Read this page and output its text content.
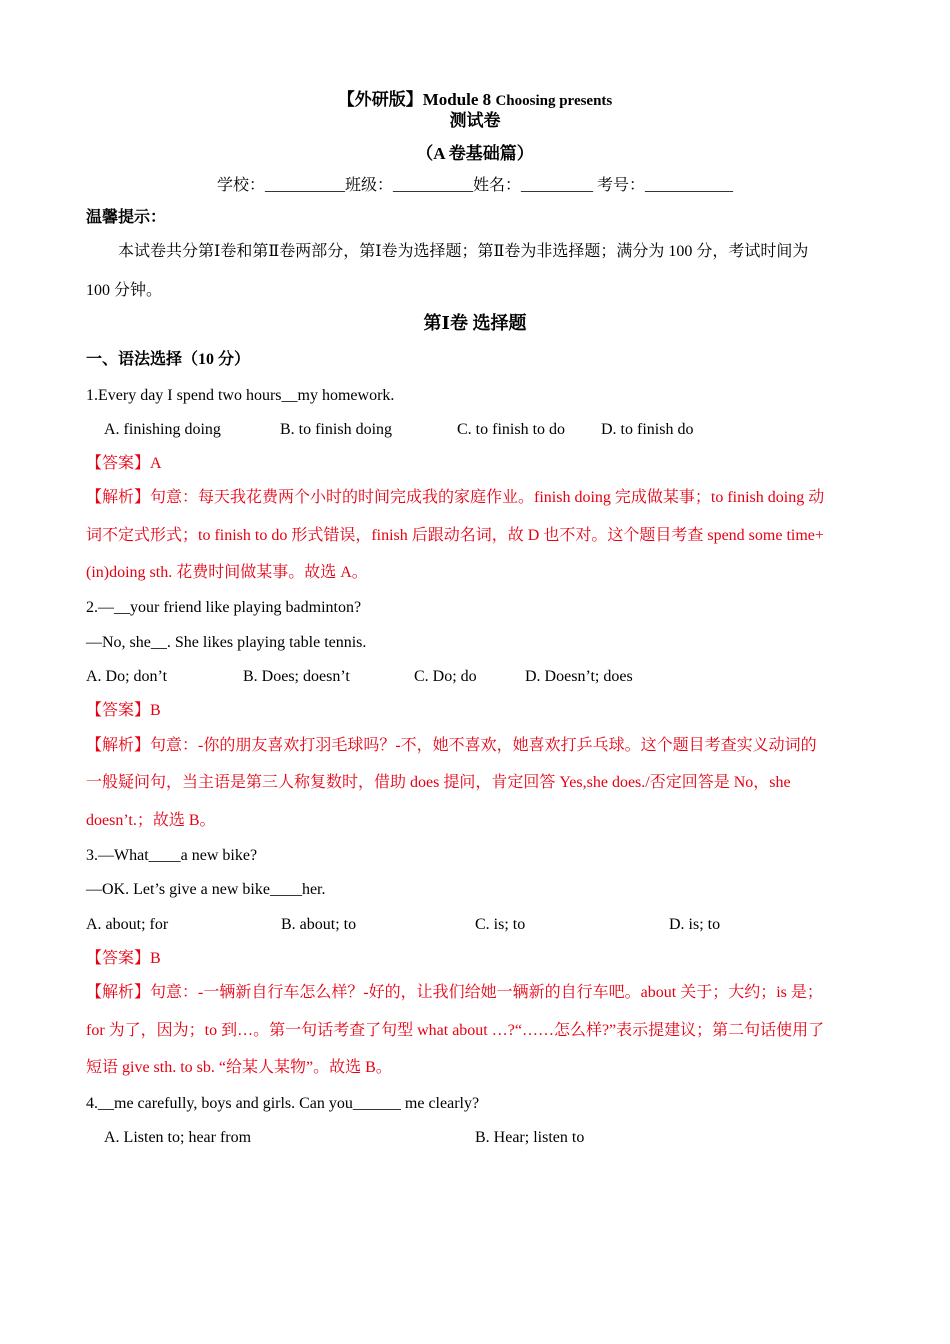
【外研版】Module 8 Choosing presents
测试卷
（A 卷基础篇）
学校：__________班级：__________姓名：_________ 考号：___________
温馨提示：
本试卷共分第Ⅰ卷和第Ⅱ卷两部分，第Ⅰ卷为选择题；第Ⅱ卷为非选择题；满分为 100 分，考试时间为
100 分钟。
第Ⅰ卷 选择题
一、语法选择（10 分）
1.Every day I spend two hours__my homework.
A. finishing doing	B. to finish doing	C. to finish to do D. to finish do
【答案】A
【解析】句意：每天我花费两个小时的时间完成我的家庭作业。finish doing 完成做某事；to finish doing 动
词不定式形式；to finish to do 形式错误，finish 后跟动名词，故 D 也不对。这个题目考查 spend some time+
(in)doing sth. 花费时间做某事。故选 A。
2.—__your friend like playing badminton?
—No, she__. She likes playing table tennis.
A. Do; don’t	B. Does; doesn’t	C. Do; do	D. Doesn’t; does
【答案】B
【解析】句意：-你的朋友喜欢打羽毛球吗？-不，她不喜欢，她喜欢打乒乓球。这个题目考查实义动词的
一般疑问句，当主语是第三人称复数时，借助 does 提问，肯定回答 Yes,she does./否定回答是 No，she
doesn’t.；故选 B。
3.—What____a new bike?
—OK. Let’s give a new bike____her.
A. about; for	B. about; to	C. is; to	D. is; to
【答案】B
【解析】句意：-一辆新自行车怎么样？-好的，让我们给她一辆新的自行车吧。about 关于；大约；is 是；
for 为了，因为；to 到…。第一句话考查了句型 what about …?“……怎么样?”表示提建议；第二句话使用了
短语 give sth. to sb. “给某人某物”。故选 B。
4.__me carefully, boys and girls. Can you______ me clearly?
A. Listen to; hear from	B. Hear; listen to
